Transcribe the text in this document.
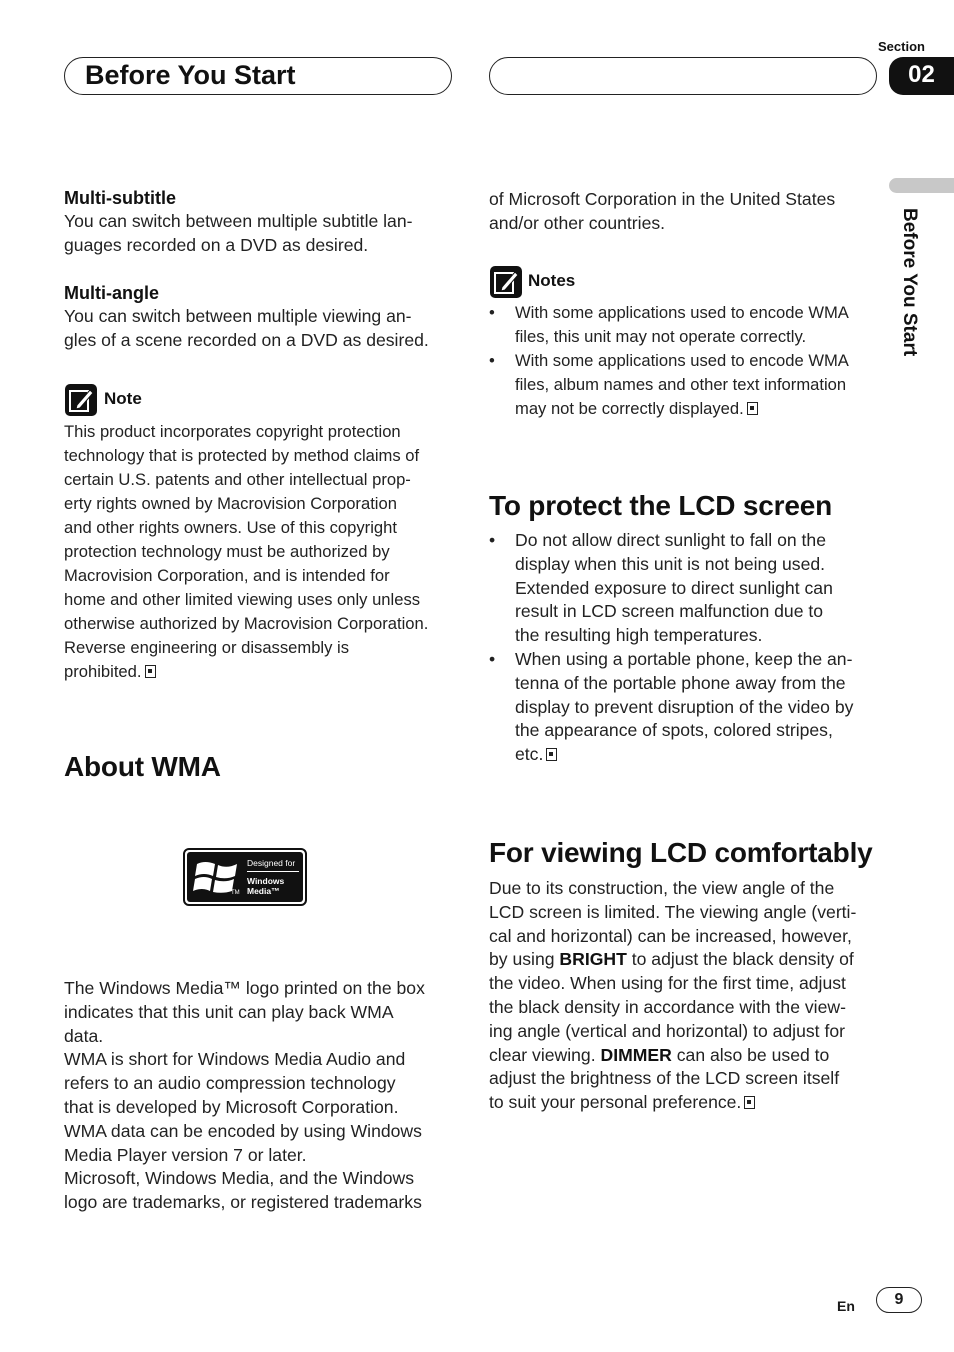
Before You Start
Section
02
Before You Start
Multi-subtitle
You can switch between multiple subtitle lan-
guages recorded on a DVD as desired.
Multi-angle
You can switch between multiple viewing an-
gles of a scene recorded on a DVD as desired.
Note
This product incorporates copyright protection
technology that is protected by method claims of
certain U.S. patents and other intellectual prop-
erty rights owned by Macrovision Corporation
and other rights owners. Use of this copyright
protection technology must be authorized by
Macrovision Corporation, and is intended for
home and other limited viewing uses only unless
otherwise authorized by Macrovision Corporation.
Reverse engineering or disassembly is
prohibited.
About WMA
TM
Designed for
Windows
Media™
The Windows Media™ logo printed on the box
indicates that this unit can play back WMA
data.
WMA is short for Windows Media Audio and
refers to an audio compression technology
that is developed by Microsoft Corporation.
WMA data can be encoded by using Windows
Media Player version 7 or later.
Microsoft, Windows Media, and the Windows
logo are trademarks, or registered trademarks
of Microsoft Corporation in the United States
and/or other countries.
Notes
• With some applications used to encode WMA
files, this unit may not operate correctly.
• With some applications used to encode WMA
files, album names and other text information
may not be correctly displayed.
To protect the LCD screen
• Do not allow direct sunlight to fall on the
display when this unit is not being used.
Extended exposure to direct sunlight can
result in LCD screen malfunction due to
the resulting high temperatures.
• When using a portable phone, keep the an-
tenna of the portable phone away from the
display to prevent disruption of the video by
the appearance of spots, colored stripes,
etc.
For viewing LCD comfortably
Due to its construction, the view angle of the
LCD screen is limited. The viewing angle (verti-
cal and horizontal) can be increased, however,
by using BRIGHT to adjust the black density of
the video. When using for the first time, adjust
the black density in accordance with the view-
ing angle (vertical and horizontal) to adjust for
clear viewing. DIMMER can also be used to
adjust the brightness of the LCD screen itself
to suit your personal preference.
En	9
